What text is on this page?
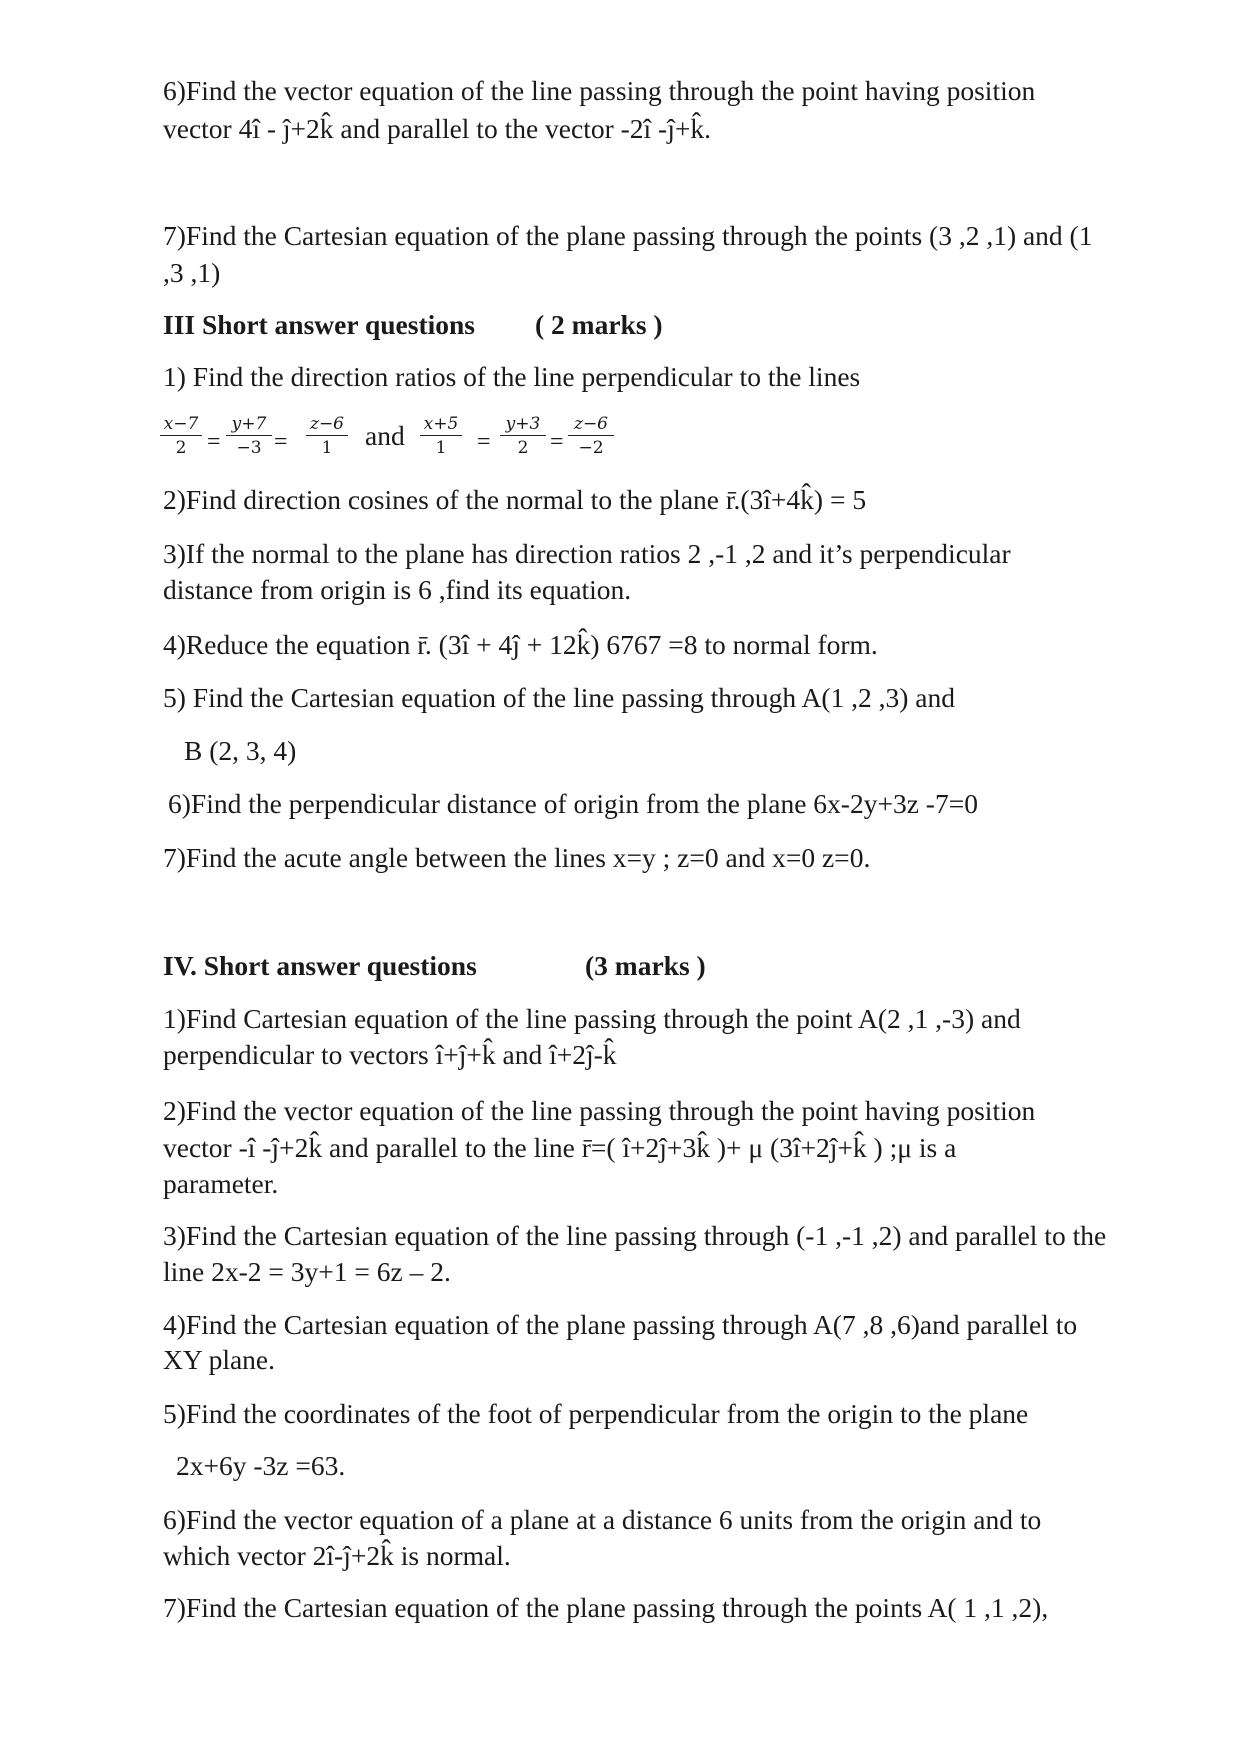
6)Find the vector equation of the line passing through the point having position
vector 4î - ĵ+2k̂ and parallel to the vector -2î -ĵ+k̂.
7)Find the Cartesian equation of the plane passing through the points (3 ,2 ,1) and (1
,3 ,1)
III Short answer questions ( 2 marks )
1) Find the direction ratios of the line perpendicular to the lines
$\frac{x-7}{2} = \frac{y+7}{-3} = \frac{z-6}{1}$ and $\frac{x+5}{1} = \frac{y+3}{2} = \frac{z-6}{-2}$
2)Find direction cosines of the normal to the plane r̄.(3î+4k̂) = 5
3)If the normal to the plane has direction ratios 2 ,-1 ,2 and it’s perpendicular
distance from origin is 6 ,find its equation.
4)Reduce the equation r̄. (3î + 4ĵ + 12k̂) 6767 =8 to normal form.
5) Find the Cartesian equation of the line passing through A(1 ,2 ,3) and
B (2, 3, 4)
6)Find the perpendicular distance of origin from the plane 6x-2y+3z -7=0
7)Find the acute angle between the lines x=y ; z=0 and x=0 z=0.
IV. Short answer questions	(3 marks )
1)Find Cartesian equation of the line passing through the point A(2 ,1 ,-3) and
perpendicular to vectors î+ĵ+k̂ and î+2ĵ-k̂
2)Find the vector equation of the line passing through the point having position
vector -î -ĵ+2k̂ and parallel to the line r̄=( î+2ĵ+3k̂ )+ μ (3î+2ĵ+k̂ ) ;μ is a
parameter.
3)Find the Cartesian equation of the line passing through (-1 ,-1 ,2) and parallel to the
line 2x-2 = 3y+1 = 6z – 2.
4)Find the Cartesian equation of the plane passing through A(7 ,8 ,6)and parallel to
XY plane.
5)Find the coordinates of the foot of perpendicular from the origin to the plane
2x+6y -3z =63.
6)Find the vector equation of a plane at a distance 6 units from the origin and to
which vector 2î-ĵ+2k̂ is normal.
7)Find the Cartesian equation of the plane passing through the points A( 1 ,1 ,2),
